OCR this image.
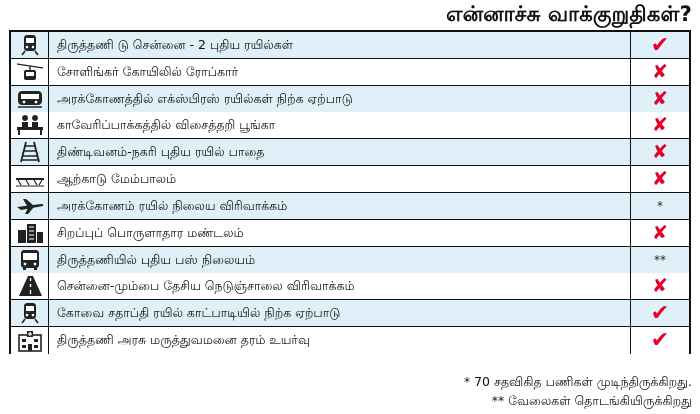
என்னாச்சு வாக்குறுதிகள்?
திருத்தணி டு சென்னை - 2 புதிய ரயில்கள்	✔
சோளிங்கர் கோயிலில் ரோப்கார்	✘
அரக்கோணத்தில் எக்ஸ்பிரஸ் ரயில்கள் நிற்க ஏற்பாடு	✘
காவேரிப்பாக்கத்தில் விசைத்தறி பூங்கா	✘
திண்டிவனம்-நகரி புதிய ரயில் பாதை	✘
ஆற்காடு மேம்பாலம்	✘
அரக்கோணம் ரயில் நிலைய விரிவாக்கம்	*
சிறப்புப் பொருளாதார மண்டலம்	✘
திருத்தணியில் புதிய பஸ் நிலையம்	**
சென்னை-மும்பை தேசிய நெடுஞ்சாலை விரிவாக்கம்	✘
கோவை சதாப்தி ரயில் காட்பாடியில் நிற்க ஏற்பாடு	✔
திருத்தணி அரசு மருத்துவமனை தரம் உயர்வு	✔
* 70 சதவிகித பணிகள் முடிந்திருக்கிறது.
** வேலைகள் தொடங்கியிருக்கிறது
